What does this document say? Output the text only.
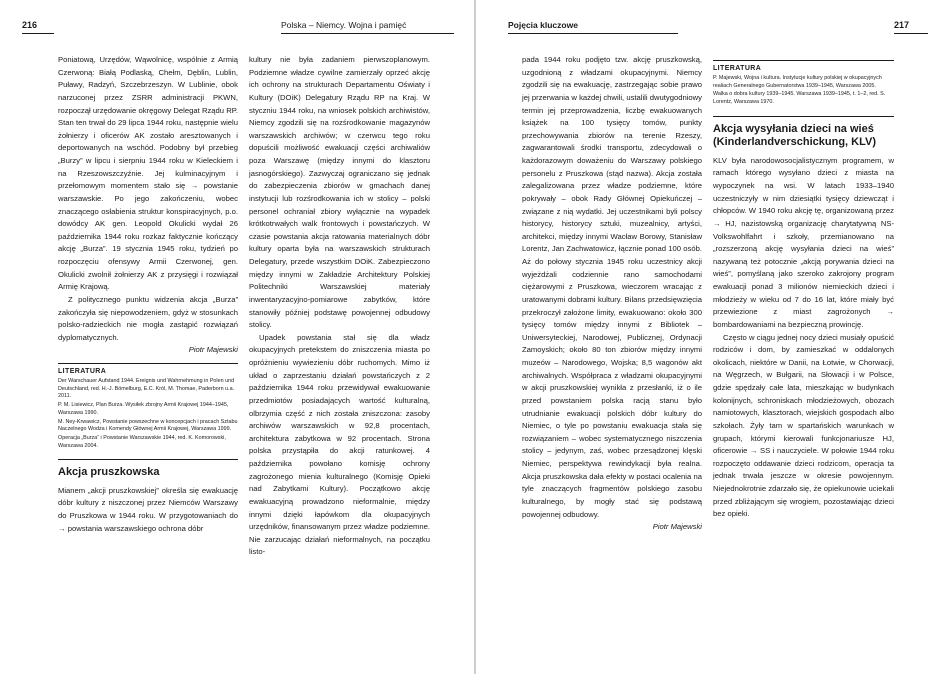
216	Polska – Niemcy. Wojna i pamięć

Poniatową, Urzędów, Wąwolnicę, wspólnie z Armią Czerwoną: Białą Podlaską, Chełm, Dęblin, Lublin, Puławy, Radzyń, Szczebrzeszyn. W Lublinie, obok narzuconej przez ZSRR administracji PKWN, rozpoczął urzędowanie okręgowy Delegat Rządu RP. Stan ten trwał do 29 lipca 1944 roku, następnie wielu żołnierzy i oficerów AK zostało aresztowanych i deportowanych na wschód. Podobny był przebieg „Burzy” w lipcu i sierpniu 1944 roku w Kieleckiem i na Rzeszowszczyźnie. Jej kulminacyjnym i przełomowym momentem stało się → powstanie warszawskie. Po jego zakończeniu, wobec znaczącego osłabienia struktur konspiracyjnych, p.o. dowódcy AK gen. Leopold Okulicki wydał 26 października 1944 roku rozkaz faktycznie kończący akcję „Burza”. 19 stycznia 1945 roku, tydzień po rozpoczęciu ofensywy Armii Czerwonej, gen. Okulicki zwolnił żołnierzy AK z przysięgi i rozwiązał Armię Krajową.

Z politycznego punktu widzenia akcja „Burza” zakończyła się niepowodzeniem, gdyż w stosunkach polsko-radzieckich nie mogła zastąpić rozwiązań dyplomatycznych.

Piotr Majewski

LITERATURA
Der Warschauer Aufstand 1944. Ereignis und Wahrnehmung in Polen und Deutschland, red. H.-J. Bömelburg, E.C. Król, M. Thomae, Paderborn u.a. 2011.
P. M. Lisiewicz, Plan Burza. Wysiłek zbrojny Armii Krajowej 1944–1945, Warszawa 1990.
M. Ney-Krwawicz, Powstanie powszechne w koncepcjach i pracach Sztabu Naczelnego Wodza i Komendy Głównej Armii Krajowej, Warszawa 1999.
Operacja „Burza” i Powstanie Warszawskie 1944, red. K. Komorowski, Warszawa 2004.
Akcja pruszkowska

Mianem „akcji pruszkowskiej” określa się ewakuację dóbr kultury z niszczonej przez Niemców Warszawy do Pruszkowa w 1944 roku. W przygotowaniach do → powstania warszawskiego ochrona dóbr

kultury nie była zadaniem pierwszoplanowym. Podziemne władze cywilne zamierzały oprzeć akcję ich ochrony na strukturach Departamentu Oświaty i Kultury (DOiK) Delegatury Rządu RP na Kraj. W styczniu 1944 roku, na wniosek polskich archiwistów, Niemcy zgodzili się na rozśrodkowanie magazynów warszawskich archiwów; w czerwcu tego roku dopuścili możliwość ewakuacji części archiwaliów poza Warszawę (między innymi do klasztoru jasnogórskiego). Zazwyczaj ograniczano się jednak do zabezpieczenia zbiorów w gmachach danej instytucji lub rozśrodkowania ich w stolicy – polski personel ochraniał zbiory wyłącznie na wypadek krótkotrwałych walk frontowych i powstańczych. W czasie powstania akcja ratowania materialnych dóbr kultury oparta była na warszawskich strukturach Delegatury, przede wszystkim DOiK. Zabezpieczono między innymi w Zakładzie Architektury Polskiej Politechniki Warszawskiej materiały inwentaryzacyjno-pomiarowe zabytków, które stanowiły później podstawę powojennej odbudowy stolicy.

Upadek powstania stał się dla władz okupacyjnych pretekstem do zniszczenia miasta po opróżnieniu wywiezieniu dóbr ruchomych. Mimo iż układ o zaprzestaniu działań powstańczych z 2 października 1944 roku przewidywał ewakuowanie przedmiotów posiadających wartość kulturalną, olbrzymia część z nich została zniszczona: zasoby archiwów warszawskich w 92,8 procentach, architektura zabytkowa w 92 procentach. Strona polska przystąpiła do akcji ratunkowej. 4 października powołano komisję ochrony zagrożonego mienia kulturalnego (Komisję Opieki nad Zabytkami Kultury). Początkowo akcję ewakuacyjną prowadzono nieformalnie, między innymi dzięki łapówkom dla okupacyjnych urzędników, finansowanym przez władze podziemne. Nie zarzucając działań nieformalnych, na początku listo-

Pojęcia kluczowe	217

pada 1944 roku podjęto tzw. akcję pruszkowską, uzgodnioną z władzami okupacyjnymi. Niemcy zgodzili się na ewakuację, zastrzegając sobie prawo jej przerwania w każdej chwili, ustalili dwutygodniowy termin jej przeprowadzenia, liczbę ewakuowanych książek na 100 tysięcy tomów, punkty przechowywania zbiorów na terenie Rzeszy, zagwarantowali środki transportu, zdecydowali o każdorazowym doważeniu do Warszawy polskiego personelu z Pruszkowa (stąd nazwa). Akcja została zalegalizowana przez władze podziemne, które pokrywały – obok Rady Głównej Opiekuńczej – związane z nią wydatki. Jej uczestnikami byli polscy historycy, historycy sztuki, muzealnicy, artyści, architekci, między innymi Wacław Borowy, Stanisław Lorentz, Jan Zachwatowicz, łącznie ponad 100 osób. Aż do połowy stycznia 1945 roku uczestnicy akcji wyjeżdżali codziennie rano samochodami ciężarowymi z Pruszkowa, wieczorem wracając z uratowanymi dobrami kultury. Bilans przedsięwzięcia przekroczył założone limity, ewakuowano: około 300 tysięcy tomów między innymi z Bibliotek – Uniwersyteckiej, Narodowej, Publicznej, Ordynacji Zamoyskich; około 80 ton zbiorów między innymi muzeów – Narodowego, Wojska; 8,5 wagonów akt archiwalnych. Współpraca z władzami okupacyjnymi w akcji pruszkowskiej wynikła z przesłanki, iż o ile przed powstaniem polska racją stanu było utrudnianie ewakuacji polskich dóbr kultury do Niemiec, o tyle po powstaniu ewakuacja stała się rozwiązaniem – wobec systematycznego niszczenia stolicy – jedynym, zaś, wobec przesądzonej klęski Niemiec, perspektywa rewindykacji była realna. Akcja pruszkowska dała efekty w postaci ocalenia na tyle znaczących fragmentów polskiego zasobu kulturalnego, by mogły stać się podstawą powojennej odbudowy.

Piotr Majewski

LITERATURA
P. Majewski, Wojna i kultura. Instytucje kultury polskiej w okupacyjnych realiach Generalnego Gubernatorstwa 1939–1945, Warszawa 2005.
Walka o dobra kultury 1939–1945. Warszawa 1939–1945, t. 1–2, red. S. Lorentz, Warszawa 1970.
Akcja wysyłania dzieci na wieś (Kinderlandverschickung, KLV)

KLV była narodowosocjalistycznym programem, w ramach którego wysyłano dzieci z miasta na wypoczynek na wsi. W latach 1933–1940 uczestniczyły w nim dziesiątki tysięcy dziewcząt i chłopców. W 1940 roku akcję tę, organizowaną przez → HJ, nazistowską organizację charytatywną NS-Volkswohlfahrt i szkoły, przemianowano na „rozszerzoną akcję wysyłania dzieci na wieś” nazywaną też potocznie „akcją porywania dzieci na wieś”, pomyślaną jako szeroko zakrojony program ewakuacji ponad 3 milionów niemieckich dzieci i młodzieży w wieku od 7 do 16 lat, które miały być przewiezione z miast zagrożonych → bombardowaniami na bezpieczną prowincję.

Często w ciągu jednej nocy dzieci musiały opuścić rodziców i dom, by zamieszkać w oddalonych okolicach, niektóre w Danii, na Łotwie, w Chorwacji, na Węgrzech, w Bułgarii, na Słowacji i w Polsce, gdzie spędzały całe lata, mieszkając w budynkach kolonijnych, schroniskach młodzieżowych, obozach namiotowych, klasztorach, wiejskich gospodach albo szkołach. Żyły tam w spartańskich warunkach w grupach, którymi kierowali funkcjonariusze HJ, oficerowie → SS i nauczyciele. W połowie 1944 roku rozpoczęto oddawanie dzieci rodzicom, operacja ta jednak trwała jeszcze w okresie powojennym. Niejednokrotnie zdarzało się, że opiekunowie uciekali przed zbliżającym się wrogiem, pozostawiając dzieci bez opieki.
